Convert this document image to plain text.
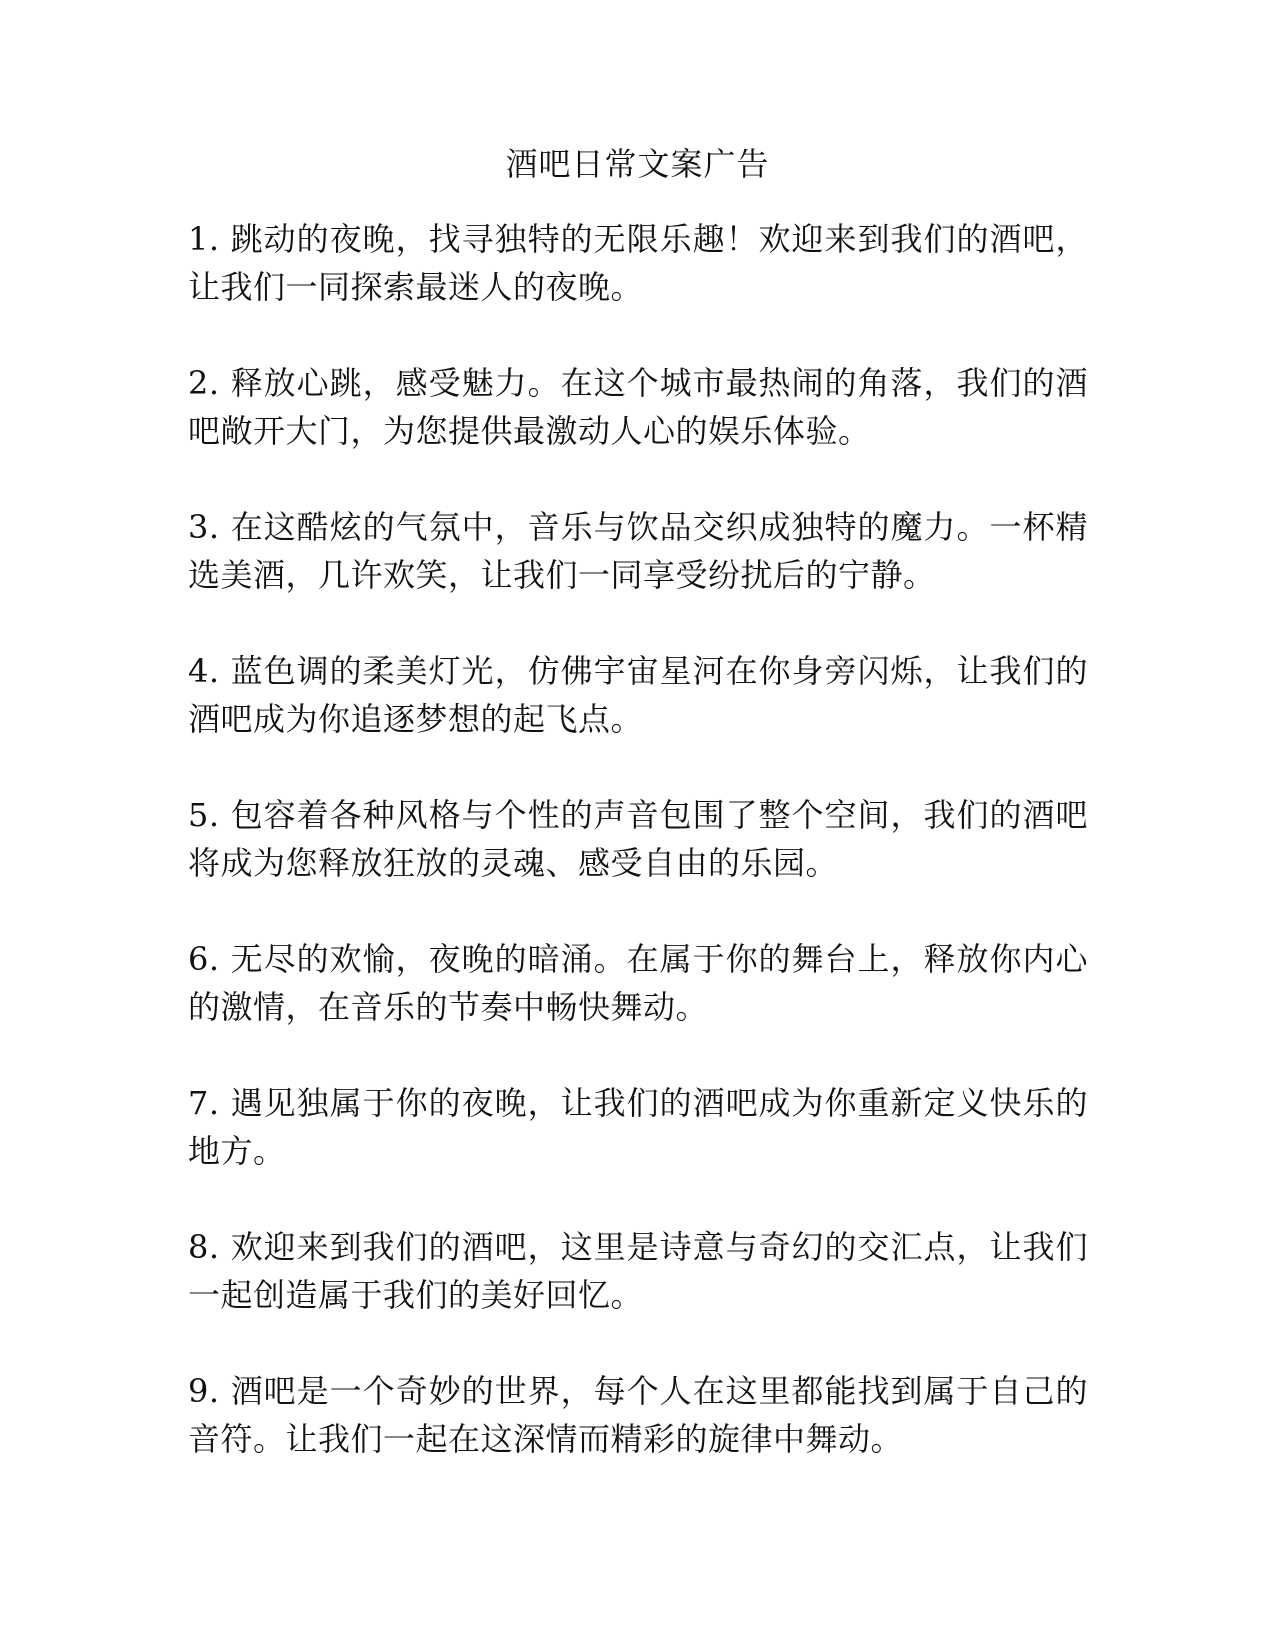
酒吧日常文案广告

1. 跳动的夜晚，找寻独特的无限乐趣！欢迎来到我们的酒吧，让我们一同探索最迷人的夜晚。

2. 释放心跳，感受魅力。在这个城市最热闹的角落，我们的酒吧敞开大门，为您提供最激动人心的娱乐体验。

3. 在这酷炫的气氛中，音乐与饮品交织成独特的魔力。一杯精选美酒，几许欢笑，让我们一同享受纷扰后的宁静。

4. 蓝色调的柔美灯光，仿佛宇宙星河在你身旁闪烁，让我们的酒吧成为你追逐梦想的起飞点。

5. 包容着各种风格与个性的声音包围了整个空间，我们的酒吧将成为您释放狂放的灵魂、感受自由的乐园。

6. 无尽的欢愉，夜晚的暗涌。在属于你的舞台上，释放你内心的激情，在音乐的节奏中畅快舞动。

7. 遇见独属于你的夜晚，让我们的酒吧成为你重新定义快乐的地方。

8. 欢迎来到我们的酒吧，这里是诗意与奇幻的交汇点，让我们一起创造属于我们的美好回忆。

9. 酒吧是一个奇妙的世界，每个人在这里都能找到属于自己的音符。让我们一起在这深情而精彩的旋律中舞动。
